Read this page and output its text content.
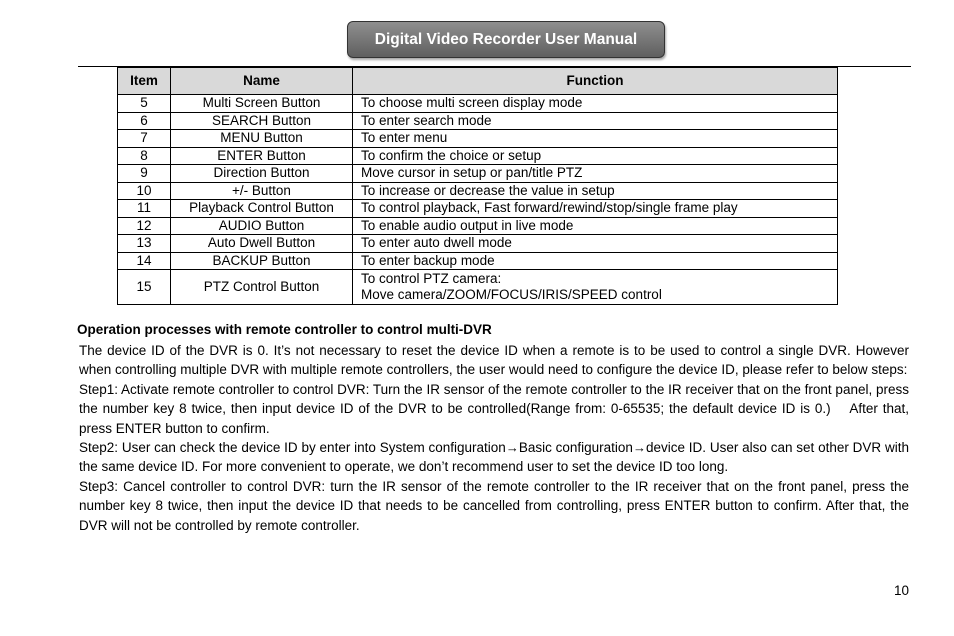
Digital Video Recorder User Manual
Item	Name	Function
5	Multi Screen Button	To choose multi screen display mode
6	SEARCH Button	To enter search mode
7	MENU Button	To enter menu
8	ENTER Button	To confirm the choice or setup
9	Direction Button	Move cursor in setup or pan/title PTZ
10	+/- Button	To increase or decrease the value in setup
11	Playback Control Button	To control playback, Fast forward/rewind/stop/single frame play
12	AUDIO Button	To enable audio output in live mode
13	Auto Dwell Button	To enter auto dwell mode
14	BACKUP Button	To enter backup mode
15	PTZ Control Button	To control PTZ camera:
Move camera/ZOOM/FOCUS/IRIS/SPEED control
Operation processes with remote controller to control multi-DVR

The device ID of the DVR is 0. It’s not necessary to reset the device ID when a remote is to be used to control a single DVR. However when controlling multiple DVR with multiple remote controllers, the user would need to configure the device ID, please refer to below steps:

Step1: Activate remote controller to control DVR: Turn the IR sensor of the remote controller to the IR receiver that on the front panel, press the number key 8 twice, then input device ID of the DVR to be controlled(Range from: 0-65535; the default device ID is 0.)    After that, press ENTER button to confirm.

Step2: User can check the device ID by enter into System configuration→Basic configuration→device ID. User also can set other DVR with the same device ID. For more convenient to operate, we don’t recommend user to set the device ID too long.

Step3: Cancel controller to control DVR: turn the IR sensor of the remote controller to the IR receiver that on the front panel, press the number key 8 twice, then input the device ID that needs to be cancelled from controlling, press ENTER button to confirm. After that, the DVR will not be controlled by remote controller.

10
